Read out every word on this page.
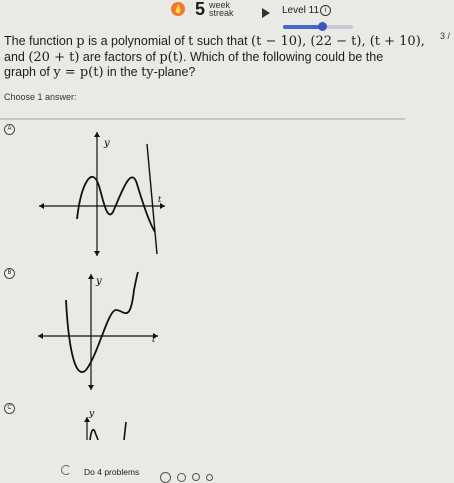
5 week
streak	Level 11 i
3 /
The function p is a polynomial of t such that (t − 10), (22 − t), (t + 10),
and (20 + t) are factors of p(t). Which of the following could be the
graph of y = p(t) in the ty-plane?
Choose 1 answer:
A
y
t
B
y
t
C
y
Do 4 problems
